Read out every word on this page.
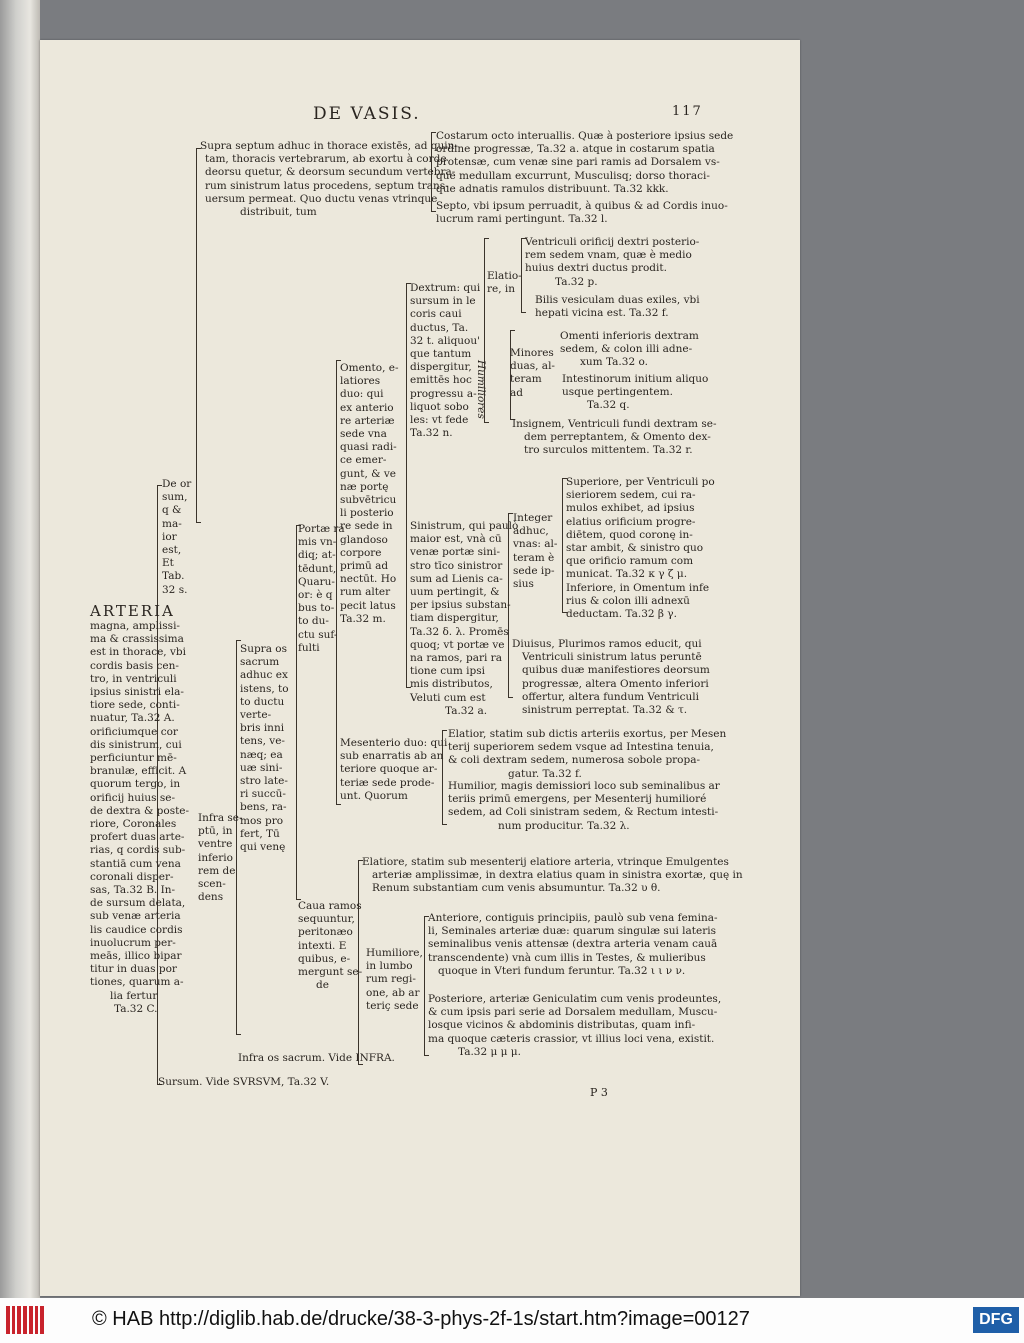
DE VASIS.	117
ARTERIA
magna, amplissi-
ma & crassissima
est in thorace, vbi
cordis basis cen-
tro, in ventriculi
ipsius sinistri ela-
tiore sede, conti-
nuatur, Ta.32 A.
orificiumque cor
dis sinistrum, cui
perficiuntur mē-
branulæ, efficit. A
quorum tergo, in
orificij huius se-
de dextra & poste-
riore, Coronales
profert duas arte-
rias, q cordis sub-
stantiā cum vena
coronali disper-
sas, Ta.32 B. In-
de sursum delata,
sub venæ arteria
lis caudice cordis
inuolucrum per-
meās, illico bipar
titur in duas por
tiones, quarum a-
lia fertur
Ta.32 C.
De or
sum,
q &
ma-
ior
est,
Et
Tab.
32 s.
Supra septum adhuc in thorace existēs, ad quin-
tam, thoracis vertebrarum, ab exortu à corde
deorsu quetur, & deorsum secundum vertebra-
rum sinistrum latus procedens, septum trans-
uersum permeat. Quo ductu venas vtrinque
distribuit, tum
Costarum octo interuallis. Quæ à posteriore ipsius sede
ordine progressæ, Ta.32 a. atque in costarum spatia
protensæ, cum venæ sine pari ramis ad Dorsalem vs-
que medullam excurrunt, Musculisq; dorso thoraci-
que adnatis ramulos distribuunt. Ta.32 kkk.
Septo, vbi ipsum perruadit, à quibus & ad Cordis inuo-
lucrum rami pertingunt. Ta.32 l.
Infra se-
ptū, in
ventre
inferio
rem de
scen-
dens
Supra os
sacrum
adhuc ex
istens, to
to ductu
verte-
bris inni
tens, ve-
næq; ea
uæ sini-
stro late-
ri succū-
bens, ra-
mos pro
fert, Tū
qui venę
Portæ ra
mis vn-
diq; at-
tēdunt,
Quaru-
or: è q
bus to-
to du-
ctu suf-
fulti
Omento, e-
latiores
duo: qui
ex anterio
re arteriæ
sede vna
quasi radi-
ce emer-
gunt, & ve
næ portę
subvētricu
li posterio
re sede in
glandoso
corpore
primū ad
nectūt. Ho
rum alter
pecit latus
Ta.32 m.
Dextrum: qui
sursum in le
coris caui
ductus, Ta.
32 t. aliquou'
que tantum
dispergitur,
emittēs hoc
progressu a-
liquot sobo
les: vt fede
Ta.32 n.
Humiliores
Elatio-
re, in
Ventriculi orificij dextri posterio-
rem sedem vnam, quæ è medio
huius dextri ductus prodit.
Ta.32 p.
Bilis vesiculam duas exiles, vbi
hepati vicina est. Ta.32 f.
Minores
duas, al-
teram
ad
Omenti inferioris dextram
sedem, & colon illi adne-
xum Ta.32 o.
Intestinorum initium aliquo
usque pertingentem.
Ta.32 q.
Insignem, Ventriculi fundi dextram se-
dem perreptantem, & Omento dex-
tro surculos mittentem. Ta.32 r.
Sinistrum, qui paulò
maior est, vnà cū
venæ portæ sini-
stro tīco sinistror
sum ad Lienis ca-
uum pertingit, &
per ipsius substan-
tiam dispergitur,
Ta.32 δ. λ. Promēs
quoq; vt portæ ve
na ramos, pari ra
tione cum ipsi
mis distributos,
Veluti cum est
Ta.32 a.
Integer
adhuc,
vnas: al-
teram è
sede ip-
sius
Superiore, per Ventriculi po
sieriorem sedem, cui ra-
mulos exhibet, ad ipsius
elatius orificium progre-
diētem, quod coronę in-
star ambit, & sinistro quo
que orificio ramum com
municat. Ta.32 κ γ ζ μ.
Inferiore, in Omentum infe
rius & colon illi adnexū
deductam. Ta.32 β γ.
Diuisus, Plurimos ramos educit, qui
Ventriculi sinistrum latus peruntē
quibus duæ manifestiores deorsum
progressæ, altera Omento inferiori
offertur, altera fundum Ventriculi
sinistrum perreptat. Ta.32 & τ.
Mesenterio duo: qui
sub enarratis ab an
teriore quoque ar-
teriæ sede prode-
unt. Quorum
Elatior, statim sub dictis arteriis exortus, per Mesen
terij superiorem sedem vsque ad Intestina tenuia,
& coli dextram sedem, numerosa sobole propa-
gatur. Ta.32 f.
Humilior, magis demissiori loco sub seminalibus ar
teriis primū emergens, per Mesenterij humilioré
sedem, ad Coli sinistram sedem, & Rectum intesti-
num producitur. Ta.32 λ.
Caua ramos
sequuntur,
peritonæo
intexti. E
quibus, e-
mergunt se-
de
Elatiore, statim sub mesenterij elatiore arteria, vtrinque Emulgentes
arteriæ amplissimæ, in dextra elatius quam in sinistra exortæ, quę in
Renum substantiam cum venis absumuntur. Ta.32 υ θ.
Humiliore,
in lumbo
rum regi-
one, ab ar
teriç sede
Anteriore, contiguis principiis, paulò sub vena femina-
li, Seminales arteriæ duæ: quarum singulæ sui lateris
seminalibus venis attensæ (dextra arteria venam cauā
transcendente) vnà cum illis in Testes, & mulieribus
quoque in Vteri fundum feruntur. Ta.32 ι ι ν ν.
Posteriore, arteriæ Geniculatim cum venis prodeuntes,
& cum ipsis pari serie ad Dorsalem medullam, Muscu-
losque vicinos & abdominis distributas, quam infi-
ma quoque cæteris crassior, vt illius loci vena, existit.
Ta.32 μ μ μ.
Infra os sacrum. Vide INFRA.
Sursum. Vide SVRSVM, Ta.32 V.
P 3
© HAB http://diglib.hab.de/drucke/38-3-phys-2f-1s/start.htm?image=00127	DFG
